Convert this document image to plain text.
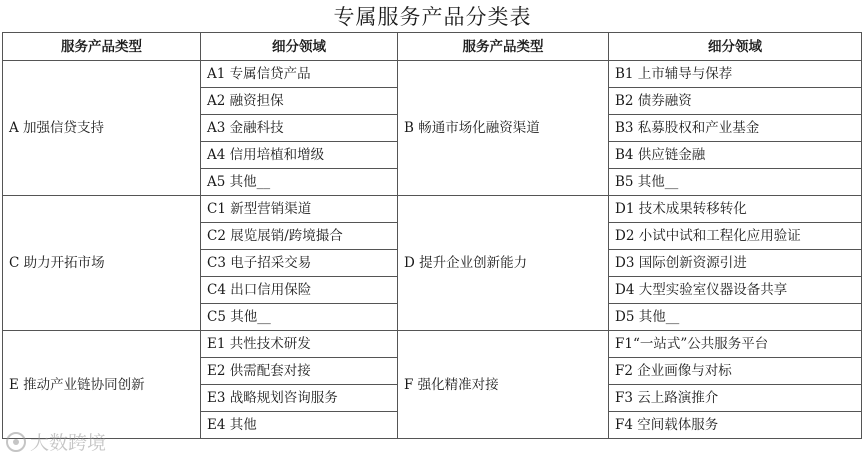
专属服务产品分类表
服务产品类型	细分领域	服务产品类型	细分领域
A 加强信贷支持	A1 专属信贷产品	B 畅通市场化融资渠道	B1 上市辅导与保荐
	A2 融资担保		B2 债券融资
	A3 金融科技		B3 私募股权和产业基金
	A4 信用培植和增级		B4 供应链金融
	A5 其他__		B5 其他__
C 助力开拓市场	C1 新型营销渠道	D 提升企业创新能力	D1 技术成果转移转化
	C2 展览展销/跨境撮合		D2 小试中试和工程化应用验证
	C3 电子招采交易		D3 国际创新资源引进
	C4 出口信用保险		D4 大型实验室仪器设备共享
	C5 其他__		D5 其他__
E 推动产业链协同创新	E1 共性技术研发	F 强化精准对接	F1“一站式”公共服务平台
	E2 供需配套对接		F2 企业画像与对标
	E3 战略规划咨询服务		F3 云上路演推介
	E4 其他		F4 空间载体服务
大数跨境
